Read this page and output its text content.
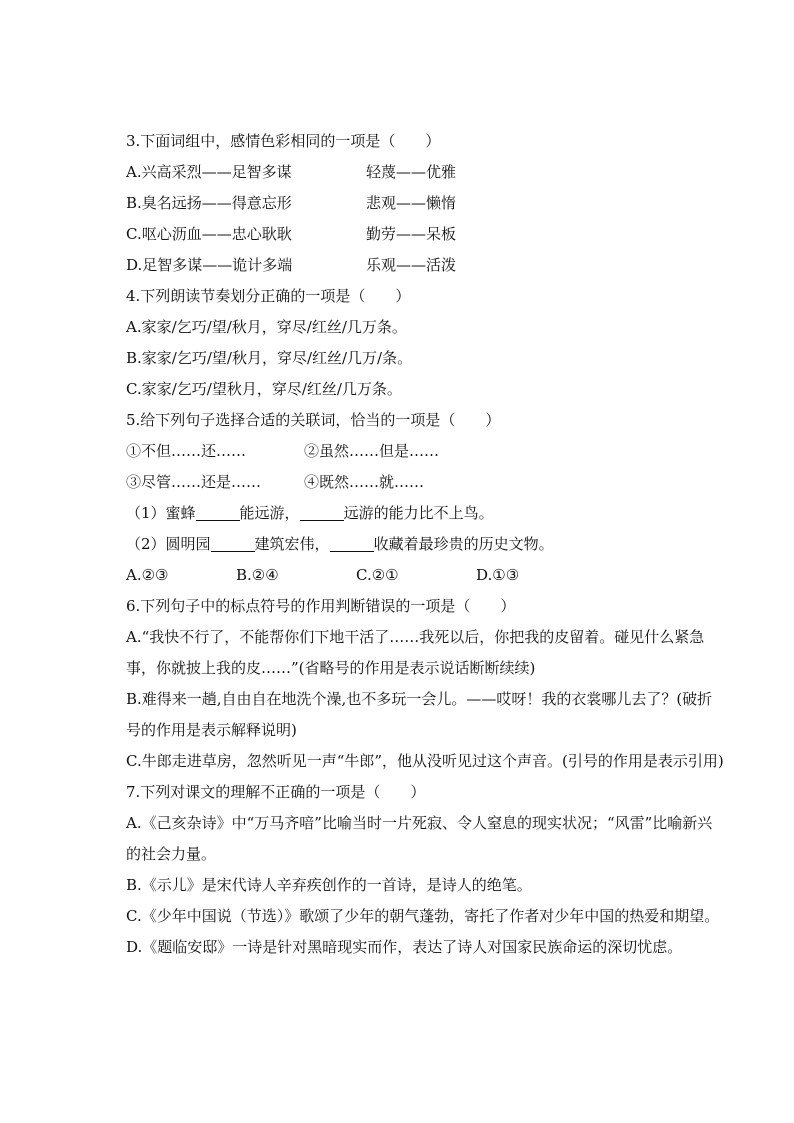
3.下面词组中，感情色彩相同的一项是（　　）
A.兴高采烈——足智多谋	轻蔑——优雅
B.臭名远扬——得意忘形	悲观——懒惰
C.呕心沥血——忠心耿耿	勤劳——呆板
D.足智多谋——诡计多端	乐观——活泼
4.下列朗读节奏划分正确的一项是（　　）
A.家家/乞巧/望/秋月，穿尽/红丝/几万条。
B.家家/乞巧/望/秋月，穿尽/红丝/几万/条。
C.家家/乞巧/望秋月，穿尽/红丝/几万条。
5.给下列句子选择合适的关联词，恰当的一项是（　　）
①不但……还……	②虽然……但是……
③尽管……还是……	④既然……就……
（1）蜜蜂	能远游，	远游的能力比不上鸟。
（2）圆明园	建筑宏伟，	收藏着最珍贵的历史文物。
A.②③	B.②④	C.②①	D.①③
6.下列句子中的标点符号的作用判断错误的一项是（　　）
A.“我快不行了，不能帮你们下地干活了……我死以后，你把我的皮留着。碰见什么紧急事，你就披上我的皮……”(省略号的作用是表示说话断断续续)
B.难得来一趟,自由自在地洗个澡,也不多玩一会儿。——哎呀！我的衣裳哪儿去了？(破折号的作用是表示解释说明)
C.牛郎走进草房，忽然听见一声“牛郎”，他从没听见过这个声音。(引号的作用是表示引用)
7.下列对课文的理解不正确的一项是（　　）
A.《己亥杂诗》中“万马齐喑”比喻当时一片死寂、令人窒息的现实状况；“风雷”比喻新兴的社会力量。
B.《示儿》是宋代诗人辛弃疾创作的一首诗，是诗人的绝笔。
C.《少年中国说（节选）》歌颂了少年的朝气蓬勃，寄托了作者对少年中国的热爱和期望。
D.《题临安邸》一诗是针对黑暗现实而作，表达了诗人对国家民族命运的深切忧虑。
